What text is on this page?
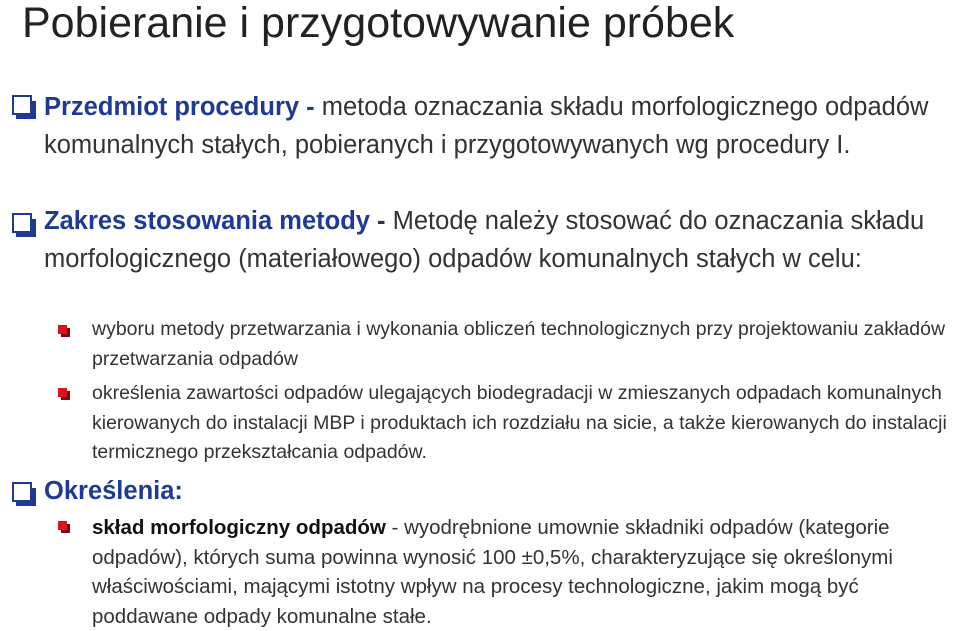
Pobieranie i przygotowywanie próbek
Przedmiot procedury - metoda oznaczania składu morfologicznego odpadów komunalnych stałych, pobieranych i przygotowywanych wg procedury I.
Zakres stosowania metody - Metodę należy stosować do oznaczania składu morfologicznego (materiałowego) odpadów komunalnych stałych w celu:
wyboru metody przetwarzania i wykonania obliczeń technologicznych przy projektowaniu zakładów przetwarzania odpadów
określenia zawartości odpadów ulegających biodegradacji w zmieszanych odpadach komunalnych kierowanych do instalacji MBP i produktach ich rozdziału na sicie, a także kierowanych do instalacji termicznego przekształcania odpadów.
Określenia:
skład morfologiczny odpadów - wyodrębnione umownie składniki odpadów (kategorie odpadów), których suma powinna wynosić 100 ±0,5%, charakteryzujące się określonymi właściwościami, mającymi istotny wpływ na procesy technologiczne, jakim mogą być poddawane odpady komunalne stałe.
